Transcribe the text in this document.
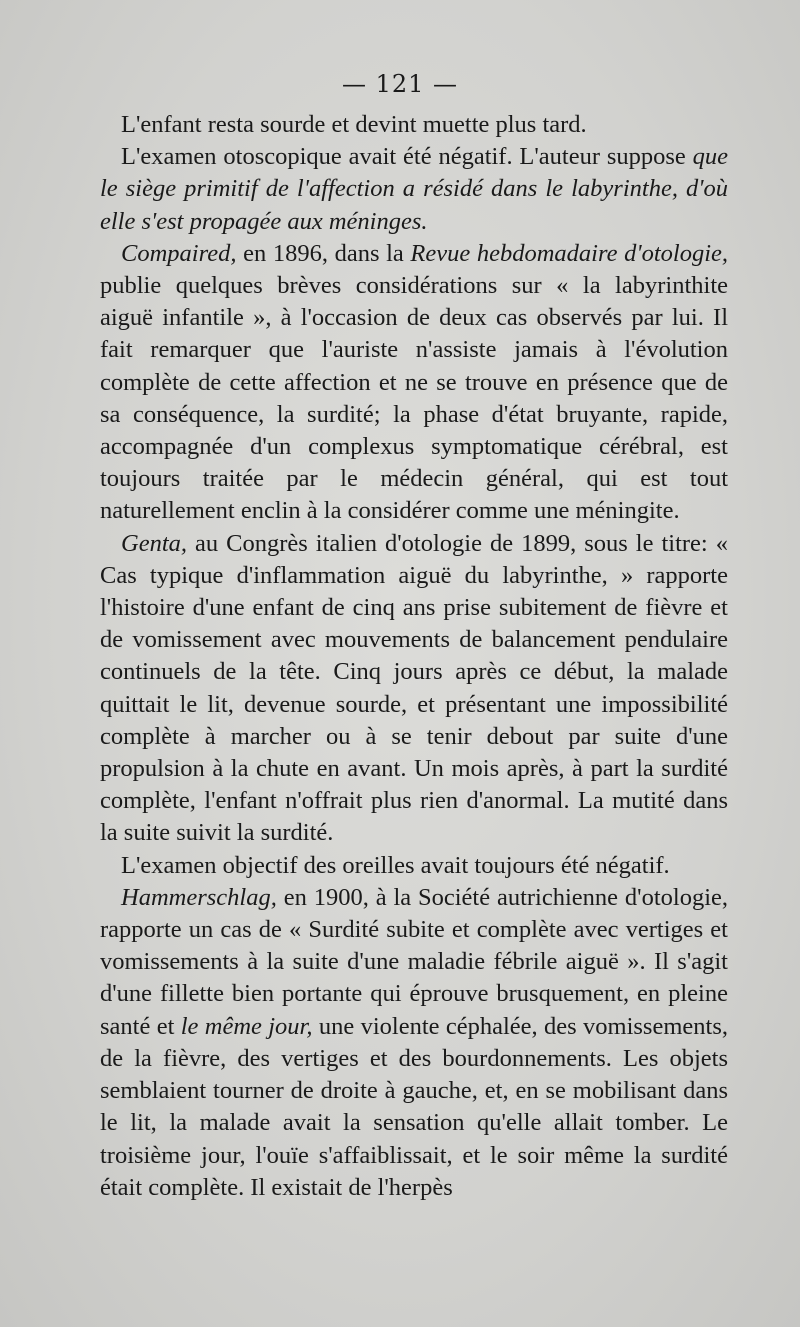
— 121 —

L'enfant resta sourde et devint muette plus tard.

L'examen otoscopique avait été négatif. L'auteur suppose que le siège primitif de l'affection a résidé dans le labyrinthe, d'où elle s'est propagée aux méninges.

Compaired, en 1896, dans la Revue hebdomadaire d'otologie, publie quelques brèves considérations sur « la labyrinthite aiguë infantile », à l'occasion de deux cas observés par lui. Il fait remarquer que l'auriste n'assiste jamais à l'évolution complète de cette affection et ne se trouve en présence que de sa conséquence, la surdité; la phase d'état bruyante, rapide, accompagnée d'un complexus symptomatique cérébral, est toujours traitée par le médecin général, qui est tout naturellement enclin à la considérer comme une méningite.

Genta, au Congrès italien d'otologie de 1899, sous le titre: « Cas typique d'inflammation aiguë du labyrinthe, » rapporte l'histoire d'une enfant de cinq ans prise subitement de fièvre et de vomissement avec mouvements de balancement pendulaire continuels de la tête. Cinq jours après ce début, la malade quittait le lit, devenue sourde, et présentant une impossibilité complète à marcher ou à se tenir debout par suite d'une propulsion à la chute en avant. Un mois après, à part la surdité complète, l'enfant n'offrait plus rien d'anormal. La mutité dans la suite suivit la surdité.

L'examen objectif des oreilles avait toujours été négatif.

Hammerschlag, en 1900, à la Société autrichienne d'otologie, rapporte un cas de « Surdité subite et complète avec vertiges et vomissements à la suite d'une maladie fébrile aiguë ». Il s'agit d'une fillette bien portante qui éprouve brusquement, en pleine santé et le même jour, une violente céphalée, des vomissements, de la fièvre, des vertiges et des bourdonnements. Les objets semblaient tourner de droite à gauche, et, en se mobilisant dans le lit, la malade avait la sensation qu'elle allait tomber. Le troisième jour, l'ouïe s'affaiblissait, et le soir même la surdité était complète. Il existait de l'herpès
